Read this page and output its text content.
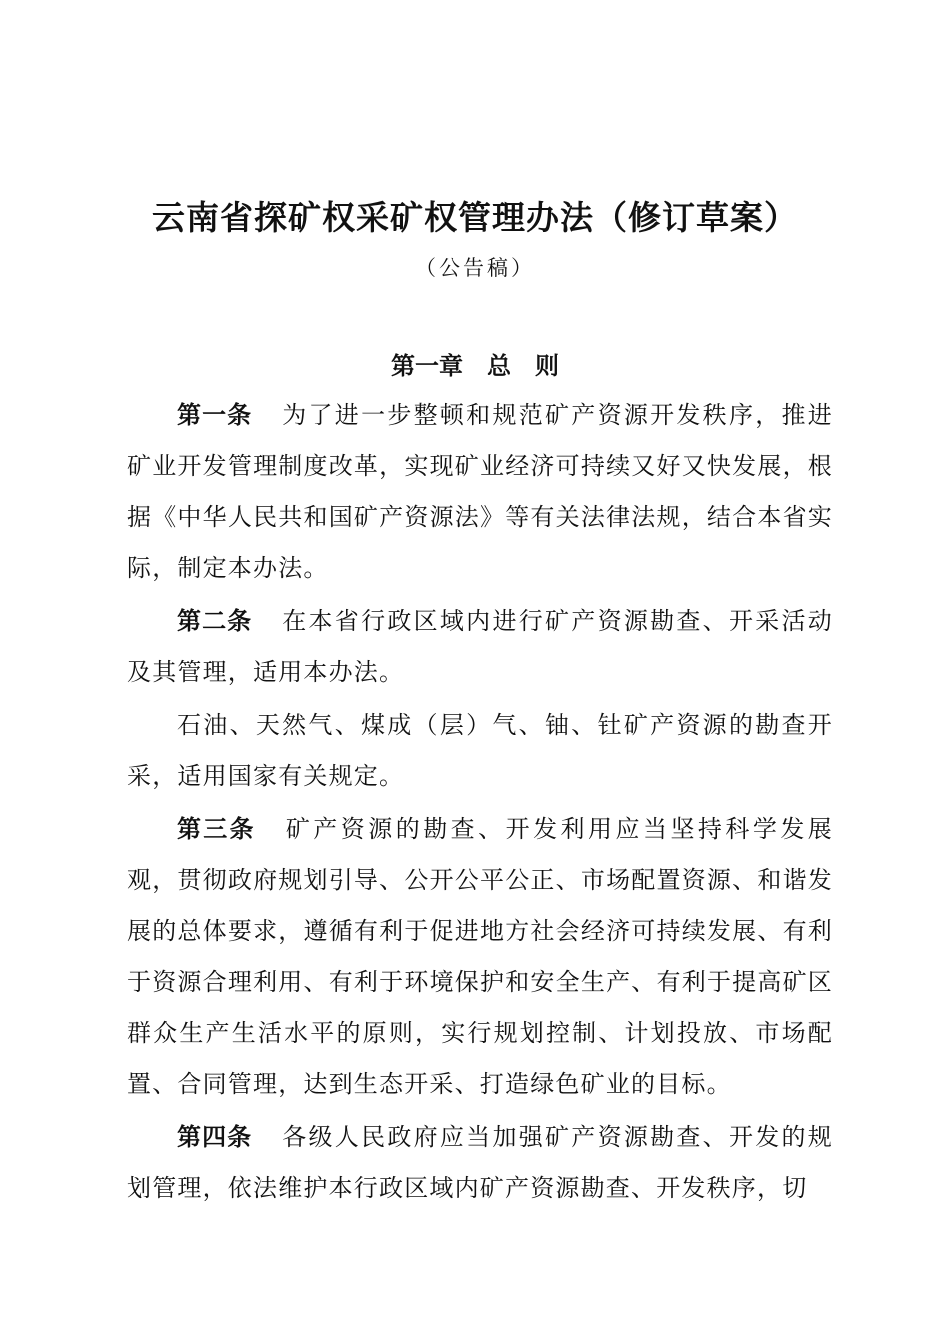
云南省探矿权采矿权管理办法（修订草案）
（公告稿）
第一章　总　则

第一条 为了进一步整顿和规范矿产资源开发秩序，推进矿业开发管理制度改革，实现矿业经济可持续又好又快发展，根据《中华人民共和国矿产资源法》等有关法律法规，结合本省实际，制定本办法。

第二条 在本省行政区域内进行矿产资源勘查、开采活动及其管理，适用本办法。

石油、天然气、煤成（层）气、铀、钍矿产资源的勘查开采，适用国家有关规定。

第三条 矿产资源的勘查、开发利用应当坚持科学发展观，贯彻政府规划引导、公开公平公正、市场配置资源、和谐发展的总体要求，遵循有利于促进地方社会经济可持续发展、有利于资源合理利用、有利于环境保护和安全生产、有利于提高矿区群众生产生活水平的原则，实行规划控制、计划投放、市场配置、合同管理，达到生态开采、打造绿色矿业的目标。

第四条 各级人民政府应当加强矿产资源勘查、开发的规划管理，依法维护本行政区域内矿产资源勘查、开发秩序，切
